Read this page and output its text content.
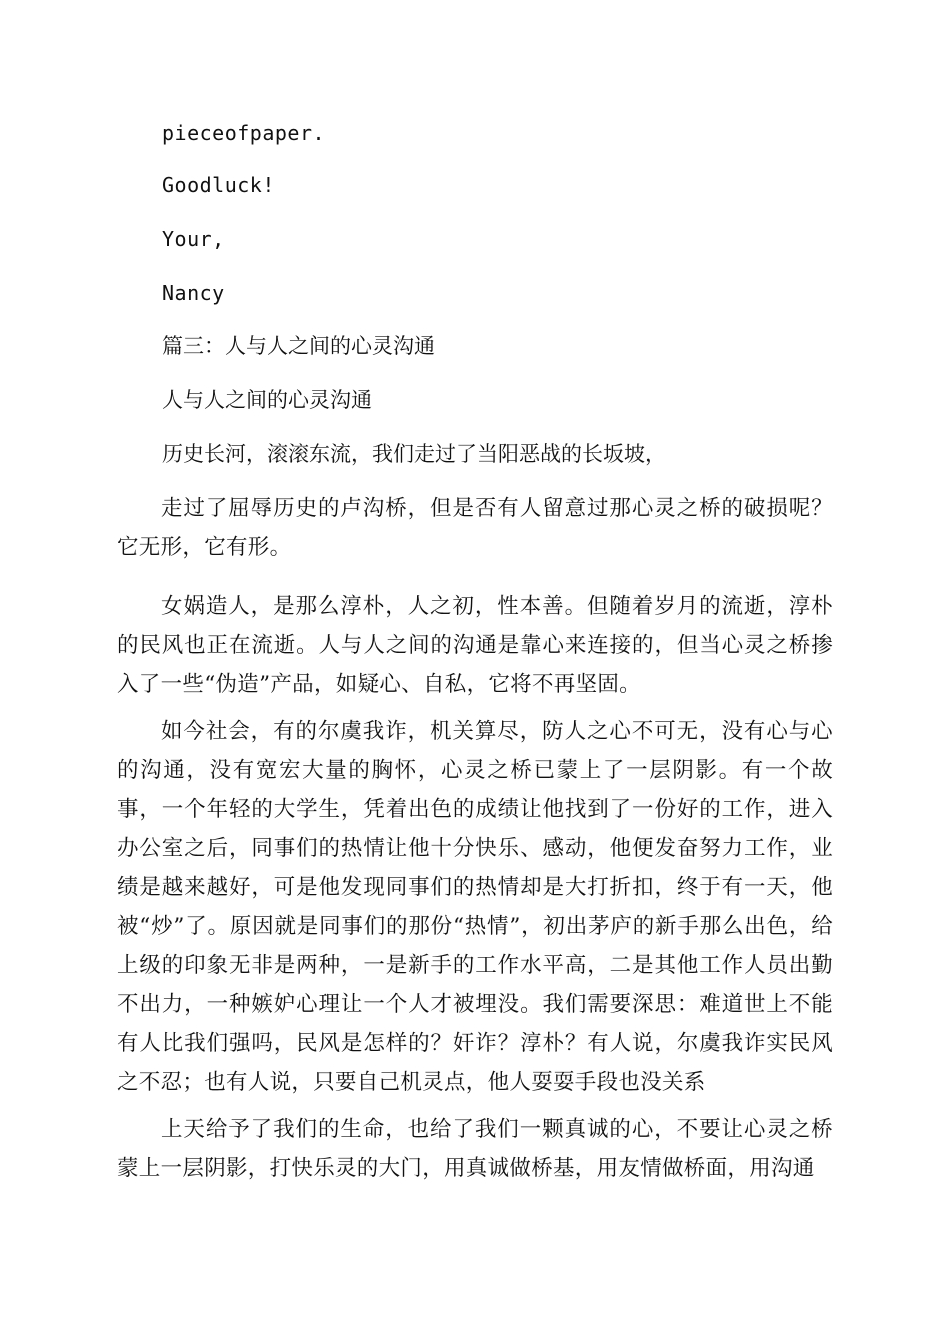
pieceofpaper.
Goodluck!
Your,
Nancy
篇三：人与人之间的心灵沟通
人与人之间的心灵沟通
历史长河，滚滚东流，我们走过了当阳恶战的长坂坡，
走过了屈辱历史的卢沟桥，但是否有人留意过那心灵之桥的破损呢？它无形，它有形。
女娲造人，是那么淳朴，人之初，性本善。但随着岁月的流逝，淳朴的民风也正在流逝。人与人之间的沟通是靠心来连接的，但当心灵之桥掺入了一些“伪造”产品，如疑心、自私，它将不再坚固。
如今社会，有的尔虞我诈，机关算尽，防人之心不可无，没有心与心的沟通，没有宽宏大量的胸怀，心灵之桥已蒙上了一层阴影。有一个故事，一个年轻的大学生，凭着出色的成绩让他找到了一份好的工作，进入办公室之后，同事们的热情让他十分快乐、感动，他便发奋努力工作，业绩是越来越好，可是他发现同事们的热情却是大打折扣，终于有一天，他被“炒”了。原因就是同事们的那份“热情”，初出茅庐的新手那么出色，给上级的印象无非是两种，一是新手的工作水平高，二是其他工作人员出勤不出力，一种嫉妒心理让一个人才被埋没。我们需要深思：难道世上不能有人比我们强吗，民风是怎样的？奸诈？淳朴？有人说，尔虞我诈实民风之不忍；也有人说，只要自己机灵点，他人耍耍手段也没关系
上天给予了我们的生命，也给了我们一颗真诚的心，不要让心灵之桥蒙上一层阴影，打快乐灵的大门，用真诚做桥基，用友情做桥面，用沟通
